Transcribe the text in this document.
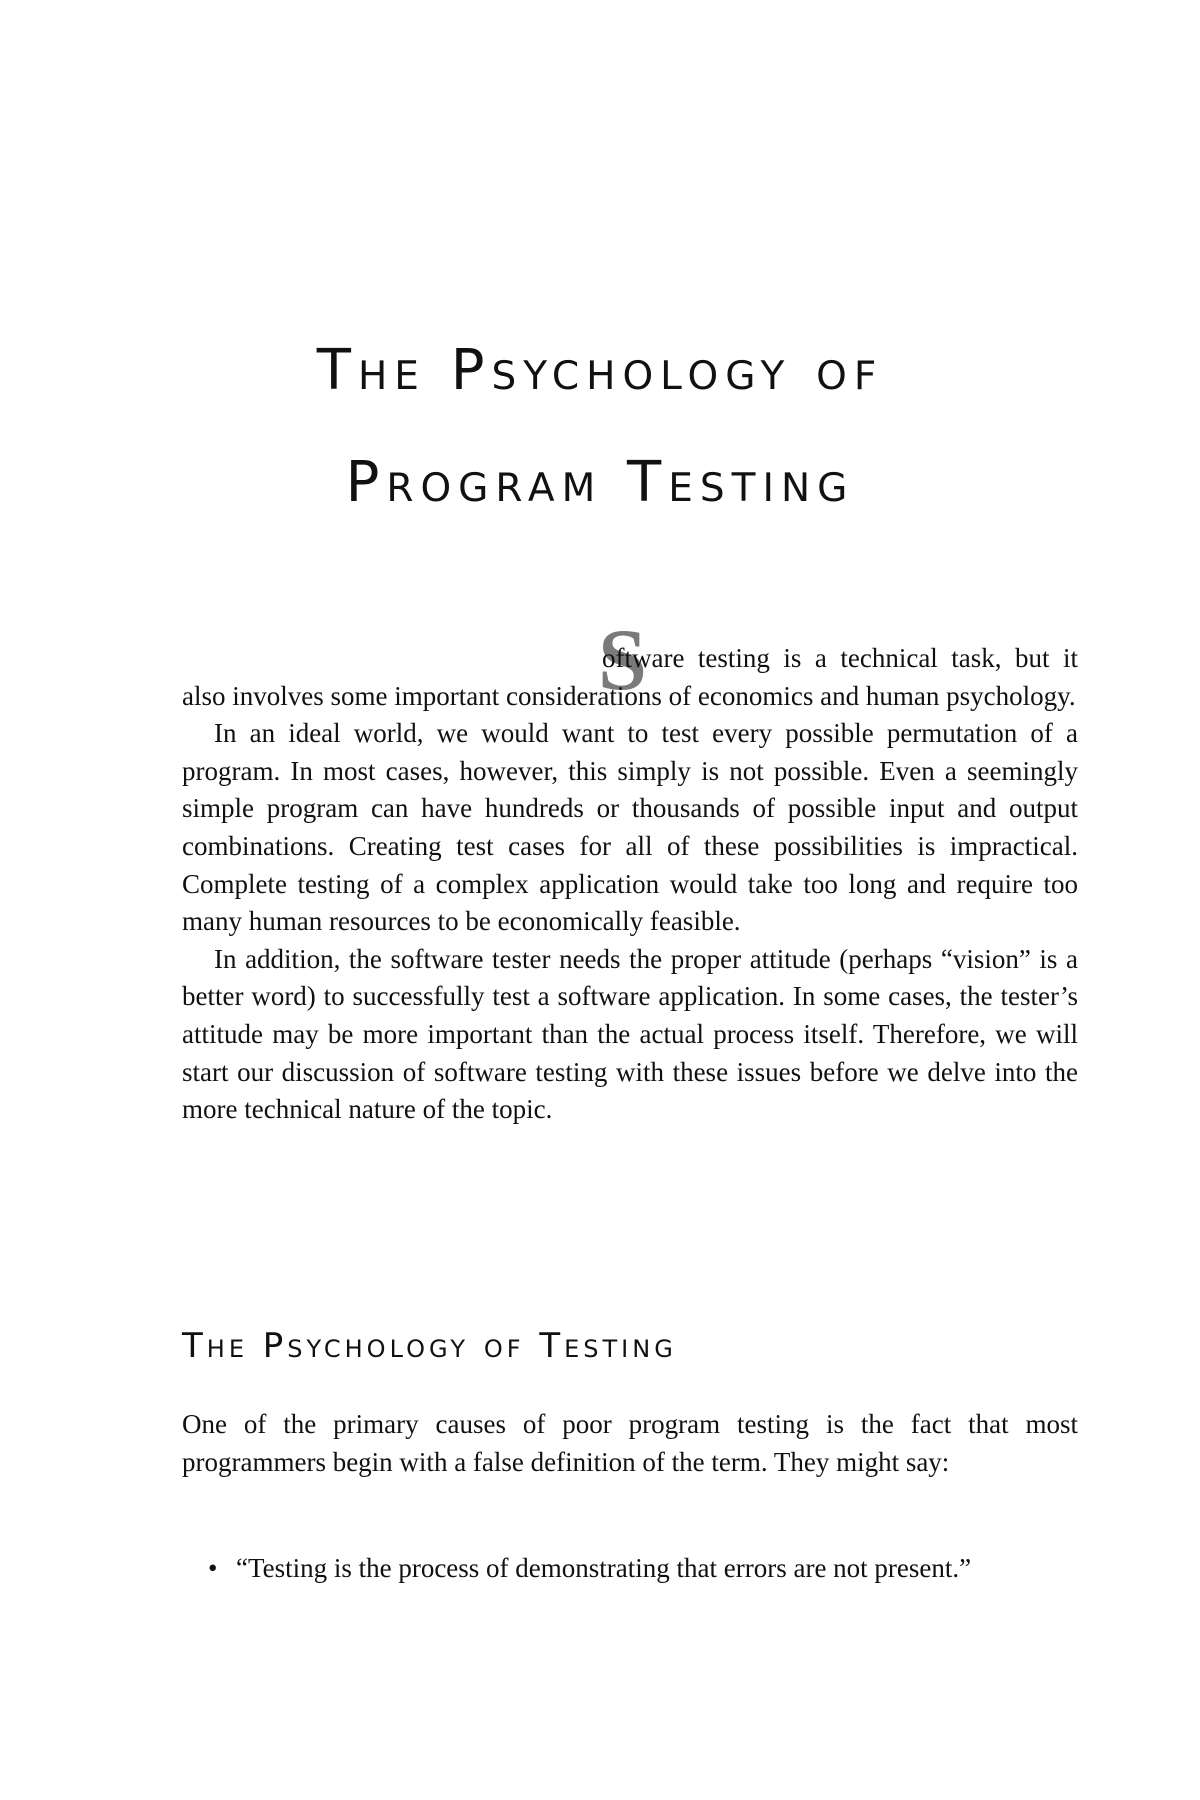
The Psychology of
Program Testing
S

oftware testing is a technical task, but it also involves some important considerations of economics and human psychology.

In an ideal world, we would want to test every possible permutation of a program. In most cases, however, this simply is not possible. Even a seemingly simple program can have hundreds or thousands of possible input and output combinations. Creating test cases for all of these possibilities is impractical. Complete testing of a complex application would take too long and require too many human resources to be economically feasible.

In addition, the software tester needs the proper attitude (perhaps “vision” is a better word) to successfully test a software application. In some cases, the tester’s attitude may be more important than the actual process itself. Therefore, we will start our discussion of software testing with these issues before we delve into the more technical nature of the topic.

The Psychology of Testing

One of the primary causes of poor program testing is the fact that most programmers begin with a false definition of the term. They might say:

• “Testing is the process of demonstrating that errors are not present.”
